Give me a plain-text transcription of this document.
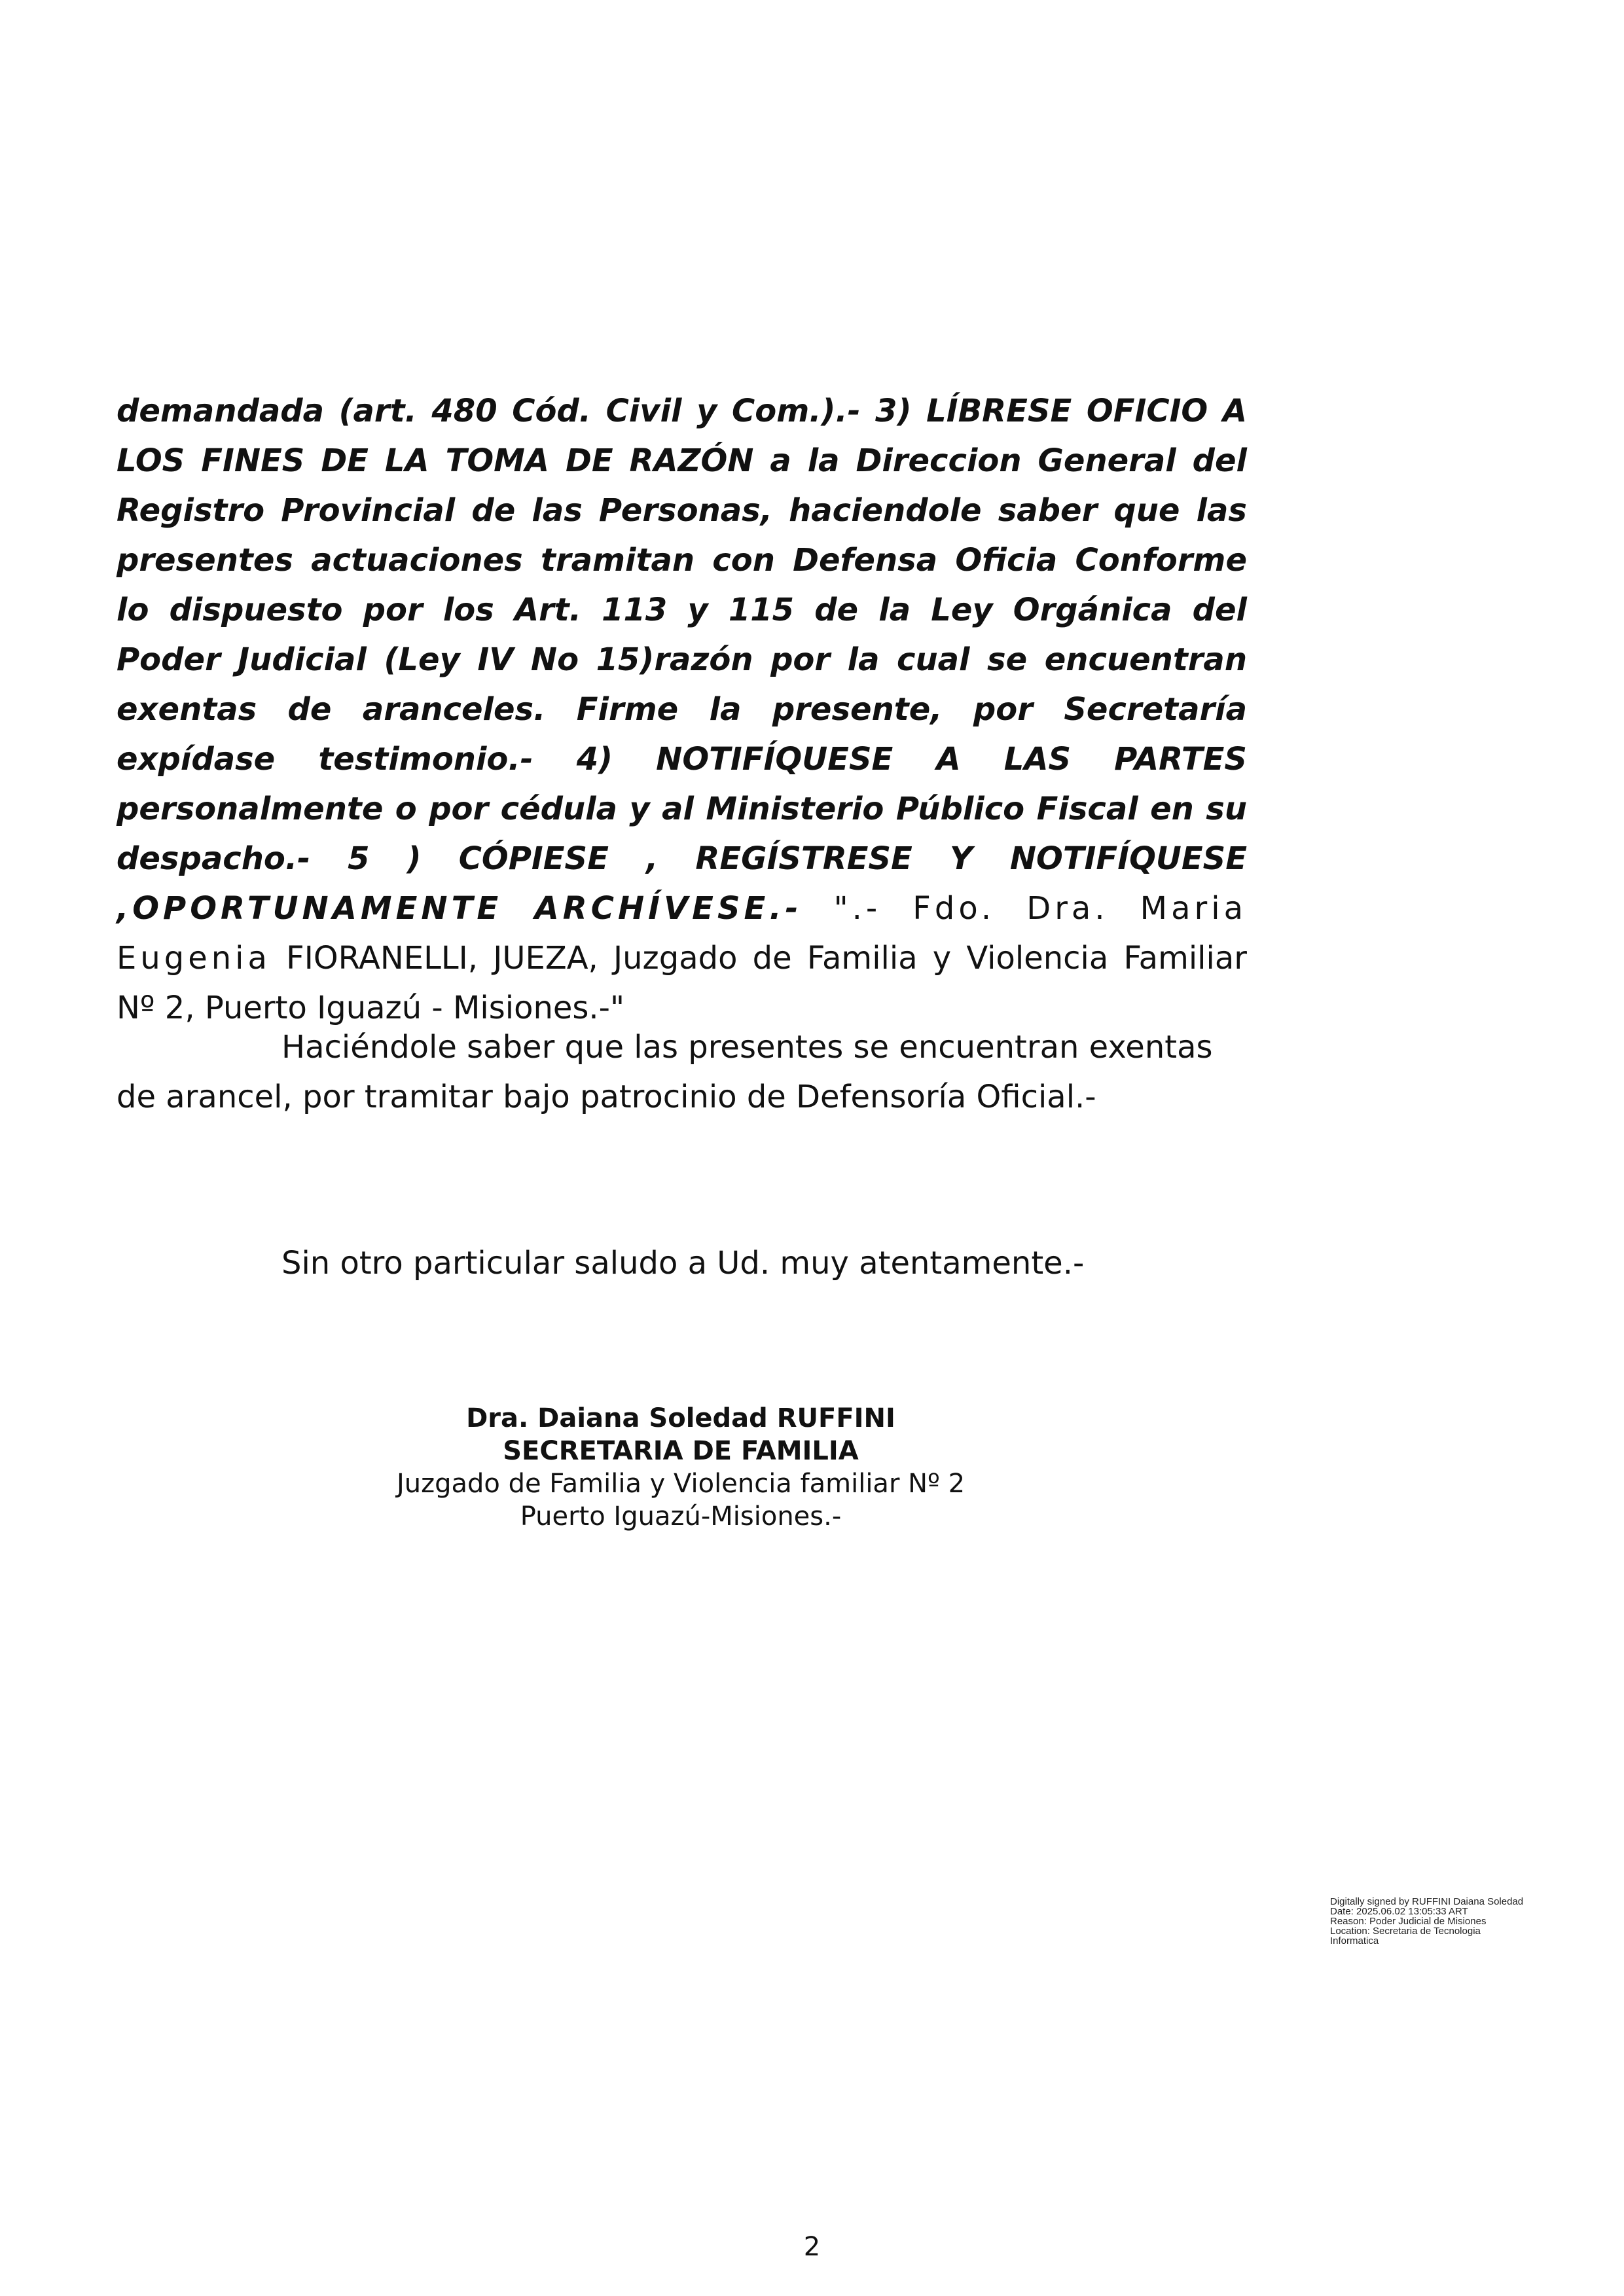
demandada (art. 480 Cód. Civil y Com.).- 3) LÍBRESE OFICIO A LOS FINES DE LA TOMA DE RAZÓN a la Direccion General del Registro Provincial de las Personas, haciendole saber que las presentes actuaciones tramitan con Defensa Oficia Conforme lo dispuesto por los Art. 113 y 115 de la Ley Orgánica del Poder Judicial (Ley IV No 15)razón por la cual se encuentran exentas de aranceles. Firme la presente, por Secretaría expídase testimonio.- 4) NOTIFÍQUESE A LAS PARTES personalmente o por cédula y al Ministerio Público Fiscal en su despacho.- 5 ) CÓPIESE , REGÍSTRESE Y NOTIFÍQUESE ,OPORTUNAMENTE ARCHÍVESE.- ".- Fdo. Dra. Maria Eugenia FIORANELLI, JUEZA, Juzgado de Familia y Violencia Familiar Nº 2, Puerto Iguazú - Misiones.-"
Haciéndole saber que las presentes se encuentran exentas de arancel, por tramitar bajo patrocinio de Defensoría Oficial.-
Sin otro particular saludo a Ud. muy atentamente.-
Dra. Daiana Soledad RUFFINI
SECRETARIA DE FAMILIA
Juzgado de Familia y Violencia familiar Nº 2
Puerto Iguazú-Misiones.-
Digitally signed by RUFFINI Daiana Soledad
Date: 2025.06.02 13:05:33 ART
Reason: Poder Judicial de Misiones
Location: Secretaria de Tecnologia Informatica
2
